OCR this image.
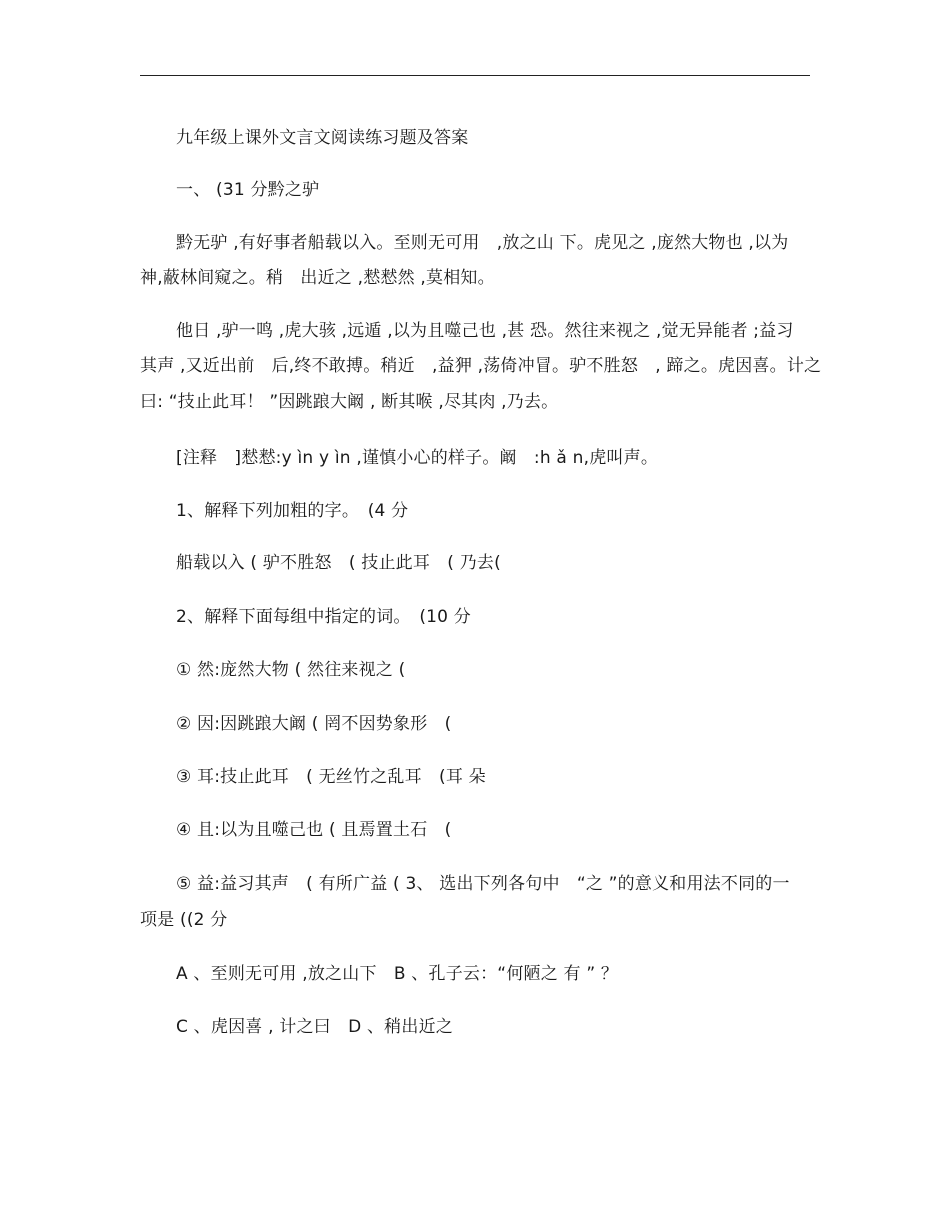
九年级上课外文言文阅读练习题及答案
一、 (31 分黔之驴
黔无驴 ,有好事者船载以入。至则无可用　,放之山 下。虎见之 ,庞然大物也 ,以为
神,蔽林间窥之。稍　出近之 ,慭慭然 ,莫相知。
他日 ,驴一鸣 ,虎大骇 ,远遁 ,以为且噬己也 ,甚 恐。然往来视之 ,觉无异能者 ;益习
其声 ,又近出前　后,终不敢搏。稍近　,益狎 ,荡倚冲冒。驴不胜怒　, 蹄之。虎因喜。计之
曰: “技止此耳！ ”因跳踉大阚 , 断其喉 ,尽其肉 ,乃去。
[注释　]慭慭:y ìn y ìn ,谨慎小心的样子。阚　:h ǎ n,虎叫声。
1、解释下列加粗的字。　(4 分
船载以入 ( 驴不胜怒　( 技止此耳　( 乃去(
2、解释下面每组中指定的词。　(10 分
① 然:庞然大物 ( 然往来视之 (
② 因:因跳踉大阚 ( 罔不因势象形　(
③ 耳:技止此耳　( 无丝竹之乱耳　(耳 朵
④ 且:以为且噬己也 ( 且焉置土石　(
⑤ 益:益习其声　( 有所广益 ( 3、 选出下列各句中　“之 ”的意义和用法不同的一
项是 ((2 分
A 、至则无可用 ,放之山下　B 、孔子云：“何陋之 有 ” ？
C 、虎因喜 , 计之曰　D 、稍出近之
